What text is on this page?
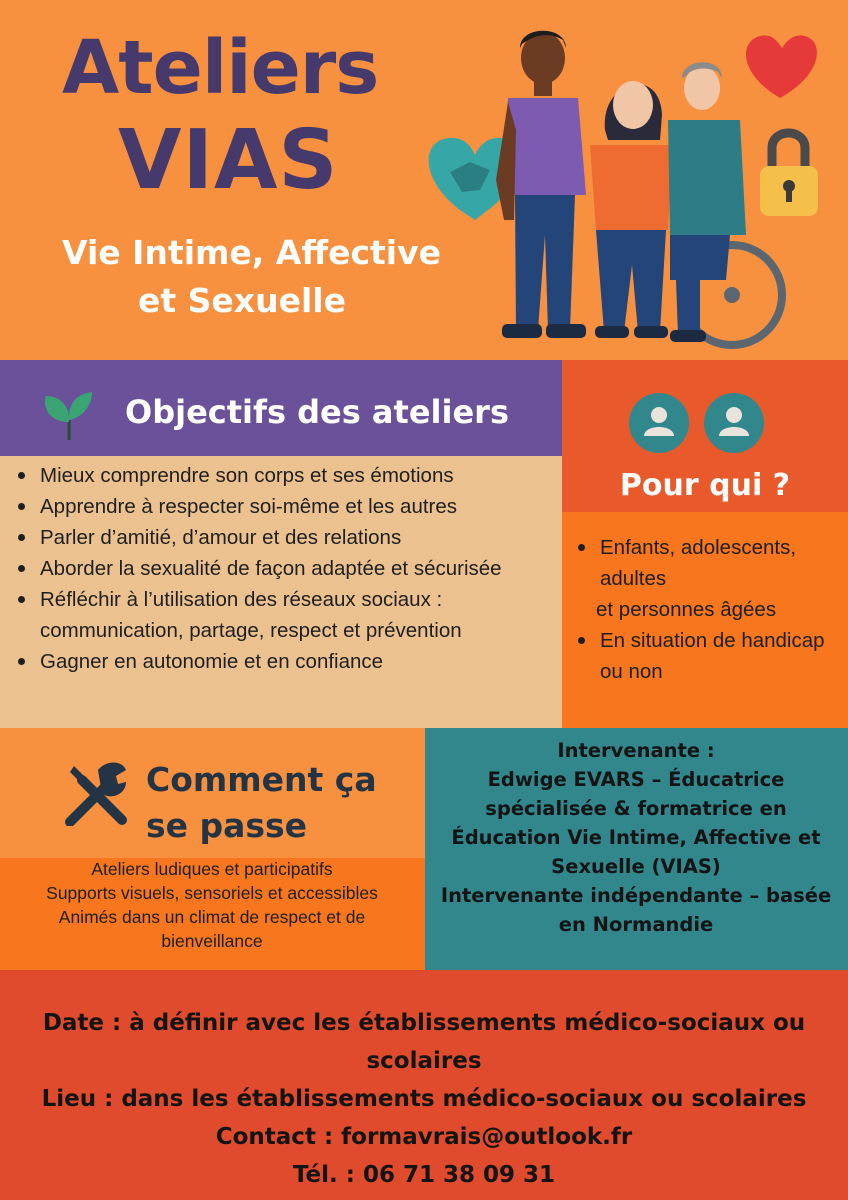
Ateliers
VIAS
Vie Intime, Affective
et Sexuelle
Objectifs des ateliers
Mieux comprendre son corps et ses émotions
Apprendre à respecter soi-même et les autres
Parler d’amitié, d’amour et des relations
Aborder la sexualité de façon adaptée et sécurisée
Réfléchir à l’utilisation des réseaux sociaux : communication, partage, respect et prévention
Gagner en autonomie et en confiance
Pour qui ?
Enfants, adolescents, adultes
et personnes âgées
En situation de handicap ou non
Comment ça
se passe
Ateliers ludiques et participatifs
Supports visuels, sensoriels et accessibles
Animés dans un climat de respect et de bienveillance
Intervenante :
Edwige EVARS – Éducatrice spécialisée & formatrice en Éducation Vie Intime, Affective et Sexuelle (VIAS)
Intervenante indépendante – basée en Normandie
Date : à définir avec les établissements médico-sociaux ou scolaires
Lieu : dans les établissements médico-sociaux ou scolaires
Contact : formavrais@outlook.fr
Tél. : 06 71 38 09 31
